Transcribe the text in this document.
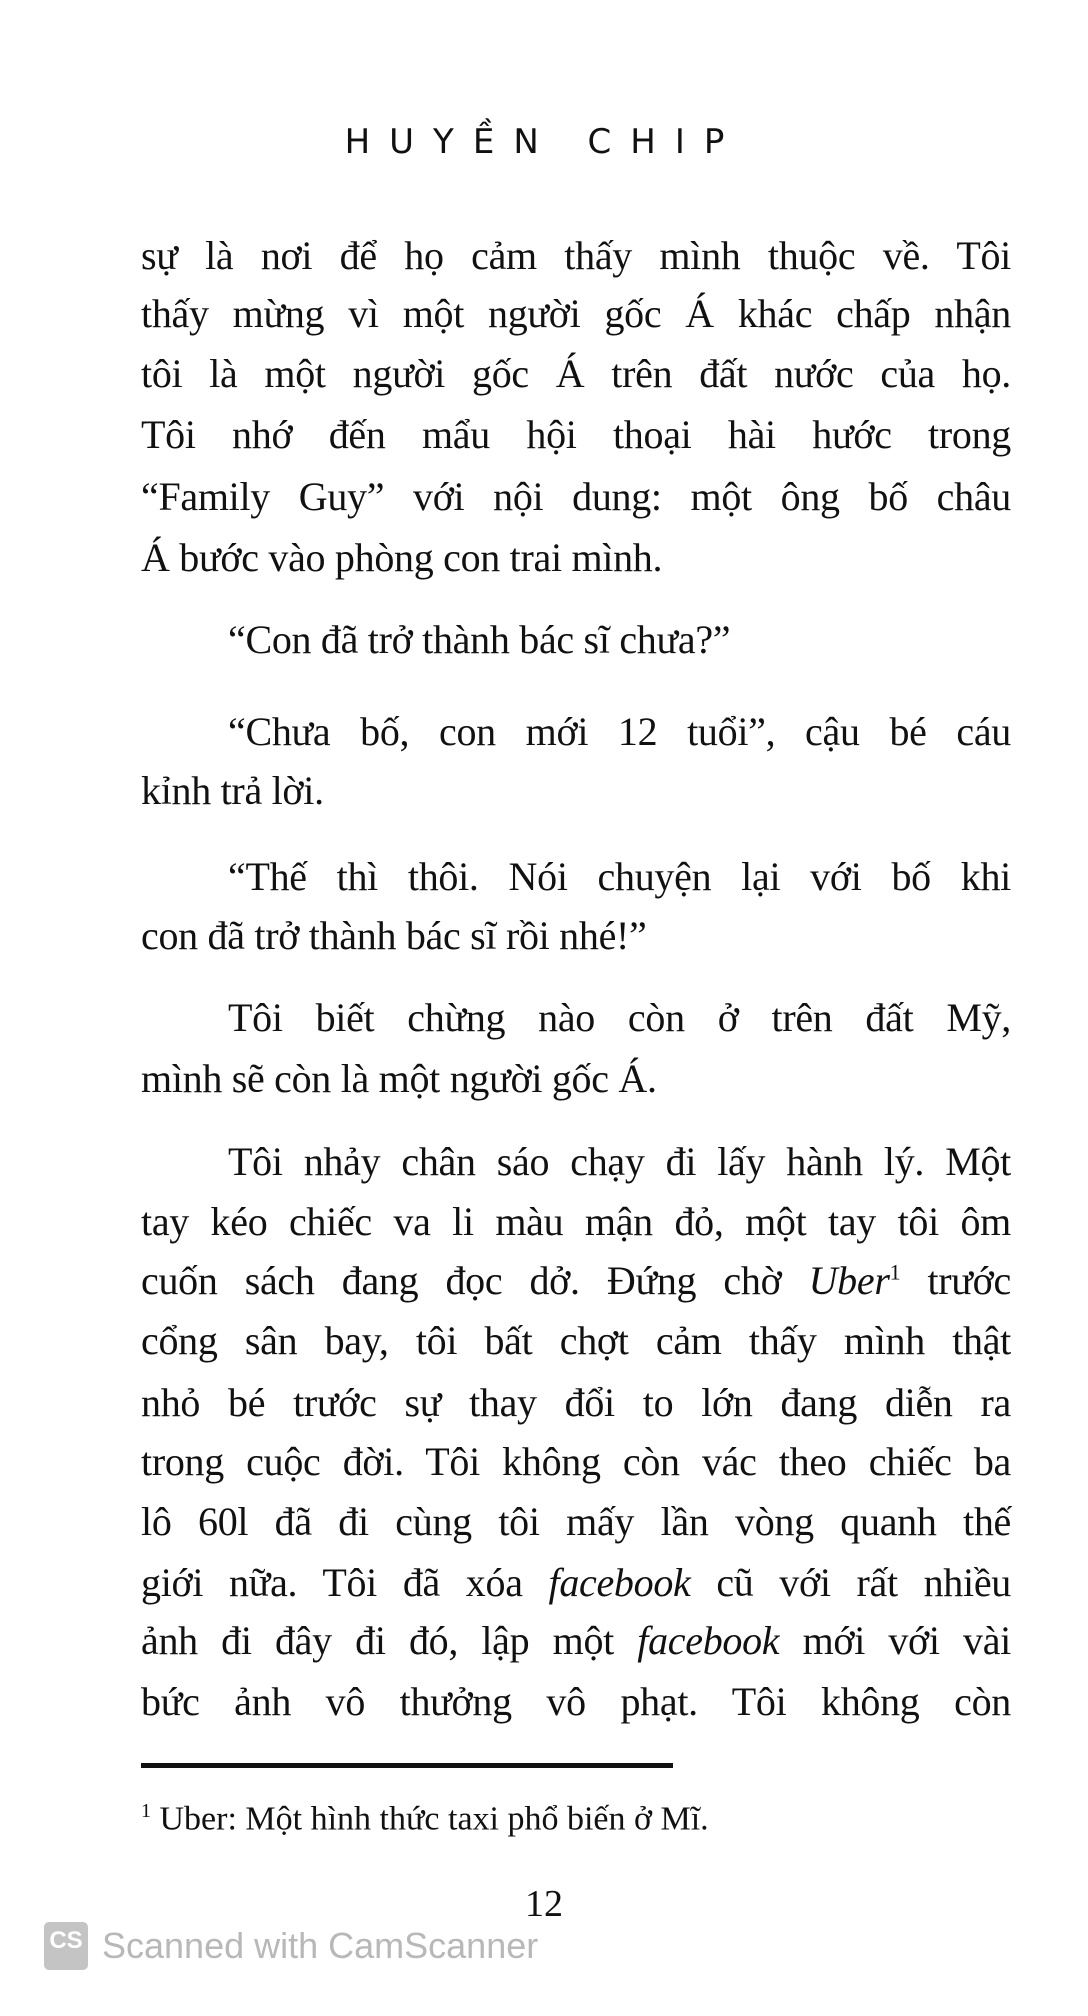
HUYỀN CHIP
sự là nơi để họ cảm thấy mình thuộc về. Tôi
thấy mừng vì một người gốc Á khác chấp nhận
tôi là một người gốc Á trên đất nước của họ.
Tôi nhớ đến mẩu hội thoại hài hước trong
“Family Guy” với nội dung: một ông bố châu
Á bước vào phòng con trai mình.
“Con đã trở thành bác sĩ chưa?”
“Chưa bố, con mới 12 tuổi”, cậu bé cáu
kỉnh trả lời.
“Thế thì thôi. Nói chuyện lại với bố khi
con đã trở thành bác sĩ rồi nhé!”
Tôi biết chừng nào còn ở trên đất Mỹ,
mình sẽ còn là một người gốc Á.
Tôi nhảy chân sáo chạy đi lấy hành lý. Một
tay kéo chiếc va li màu mận đỏ, một tay tôi ôm
cuốn sách đang đọc dở. Đứng chờ Uber$^1$ trước
cổng sân bay, tôi bất chợt cảm thấy mình thật
nhỏ bé trước sự thay đổi to lớn đang diễn ra
trong cuộc đời. Tôi không còn vác theo chiếc ba
lô 60l đã đi cùng tôi mấy lần vòng quanh thế
giới nữa. Tôi đã xóa facebook cũ với rất nhiều
ảnh đi đây đi đó, lập một facebook mới với vài
bức ảnh vô thưởng vô phạt. Tôi không còn
$^1$ Uber: Một hình thức taxi phổ biến ở Mĩ.
12
CS Scanned with CamScanner
